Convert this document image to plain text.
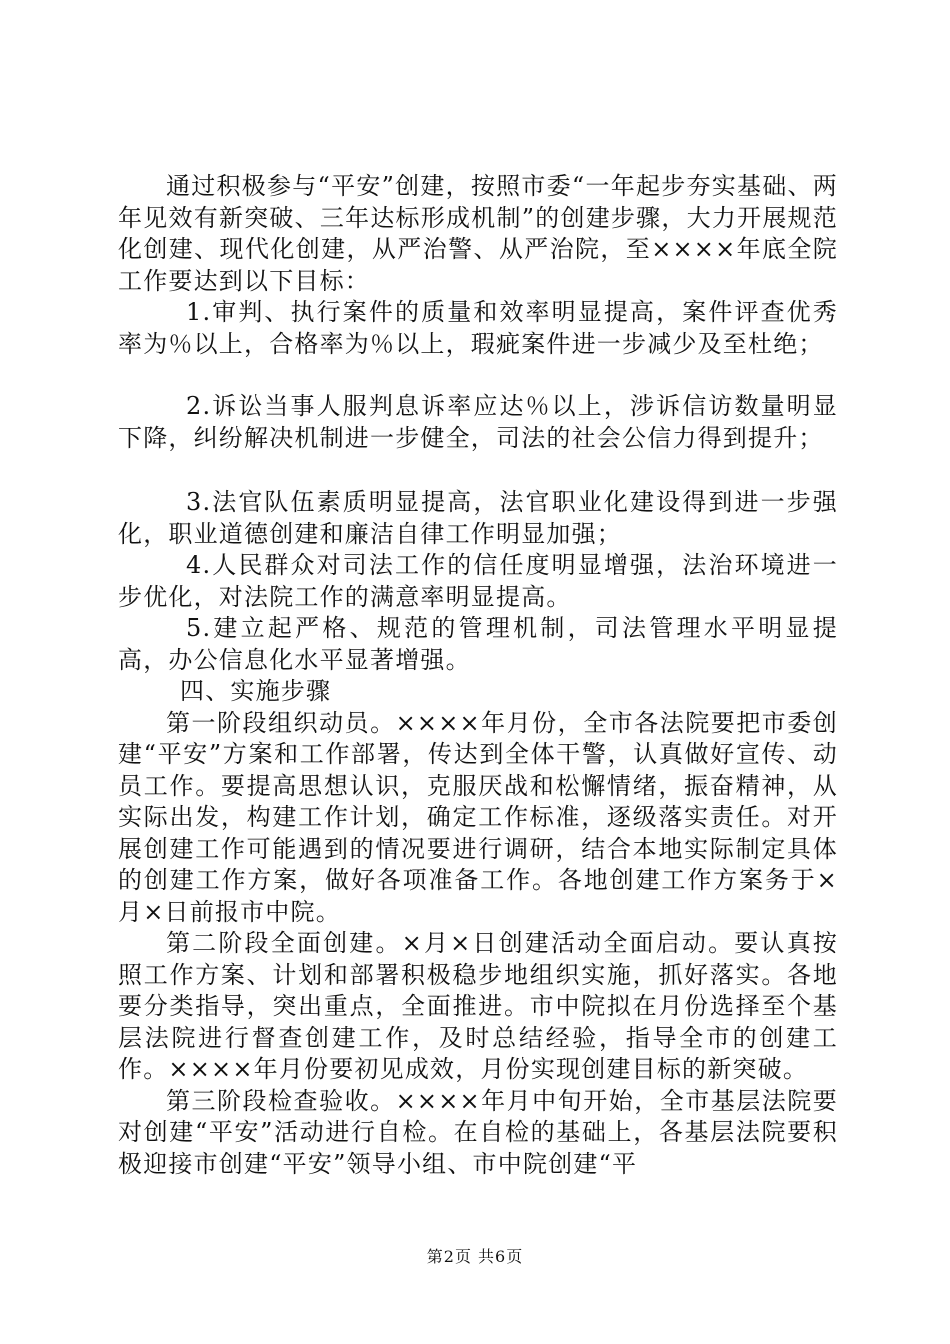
通过积极参与“平安”创建，按照市委“一年起步夯实基础、两年见效有新突破、三年达标形成机制”的创建步骤，大力开展规范化创建、现代化创建，从严治警、从严治院，至××××年底全院工作要达到以下目标：

1.审判、执行案件的质量和效率明显提高，案件评查优秀率为％以上，合格率为％以上，瑕疵案件进一步减少及至杜绝；

2.诉讼当事人服判息诉率应达％以上，涉诉信访数量明显下降，纠纷解决机制进一步健全，司法的社会公信力得到提升；

3.法官队伍素质明显提高，法官职业化建设得到进一步强化，职业道德创建和廉洁自律工作明显加强；

4.人民群众对司法工作的信任度明显增强，法治环境进一步优化，对法院工作的满意率明显提高。

5.建立起严格、规范的管理机制，司法管理水平明显提高，办公信息化水平显著增强。

四、实施步骤

第一阶段组织动员。××××年月份，全市各法院要把市委创建“平安”方案和工作部署，传达到全体干警，认真做好宣传、动员工作。要提高思想认识，克服厌战和松懈情绪，振奋精神，从实际出发，构建工作计划，确定工作标准，逐级落实责任。对开展创建工作可能遇到的情况要进行调研，结合本地实际制定具体的创建工作方案，做好各项准备工作。各地创建工作方案务于×月×日前报市中院。

第二阶段全面创建。×月×日创建活动全面启动。要认真按照工作方案、计划和部署积极稳步地组织实施，抓好落实。各地要分类指导，突出重点，全面推进。市中院拟在月份选择至个基层法院进行督查创建工作，及时总结经验，指导全市的创建工作。××××年月份要初见成效，月份实现创建目标的新突破。

第三阶段检查验收。××××年月中旬开始，全市基层法院要对创建“平安”活动进行自检。在自检的基础上，各基层法院要积极迎接市创建“平安”领导小组、市中院创建“平

第2页 共6页
